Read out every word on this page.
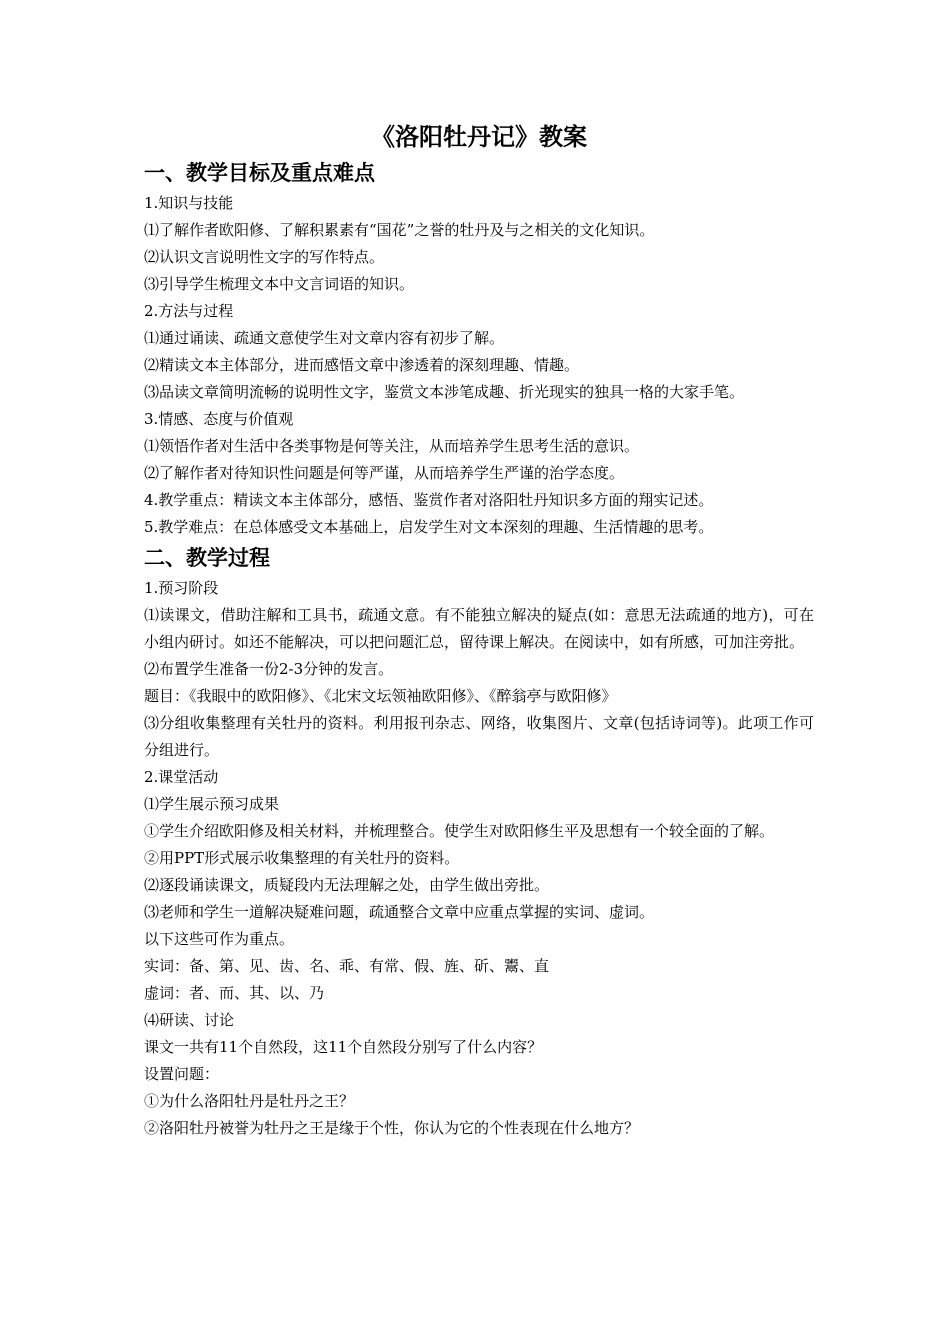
《洛阳牡丹记》教案
一、教学目标及重点难点

1.知识与技能

⑴了解作者欧阳修、了解积累素有“国花”之誉的牡丹及与之相关的文化知识。

⑵认识文言说明性文字的写作特点。

⑶引导学生梳理文本中文言词语的知识。

2.方法与过程

⑴通过诵读、疏通文意使学生对文章内容有初步了解。

⑵精读文本主体部分，进而感悟文章中渗透着的深刻理趣、情趣。

⑶品读文章简明流畅的说明性文字，鉴赏文本涉笔成趣、折光现实的独具一格的大家手笔。

3.情感、态度与价值观

⑴领悟作者对生活中各类事物是何等关注，从而培养学生思考生活的意识。

⑵了解作者对待知识性问题是何等严谨，从而培养学生严谨的治学态度。

4.教学重点：精读文本主体部分，感悟、鉴赏作者对洛阳牡丹知识多方面的翔实记述。

5.教学难点：在总体感受文本基础上，启发学生对文本深刻的理趣、生活情趣的思考。

二、教学过程

1.预习阶段

⑴读课文，借助注解和工具书，疏通文意。有不能独立解决的疑点(如：意思无法疏通的地方)，可在小组内研讨。如还不能解决，可以把问题汇总，留待课上解决。在阅读中，如有所感，可加注旁批。

⑵布置学生准备一份2-3分钟的发言。

题目：《我眼中的欧阳修》、《北宋文坛领袖欧阳修》、《醉翁亭与欧阳修》

⑶分组收集整理有关牡丹的资料。利用报刊杂志、网络，收集图片、文章(包括诗词等)。此项工作可分组进行。

2.课堂活动

⑴学生展示预习成果

①学生介绍欧阳修及相关材料，并梳理整合。使学生对欧阳修生平及思想有一个较全面的了解。

②用PPT形式展示收集整理的有关牡丹的资料。

⑵逐段诵读课文，质疑段内无法理解之处，由学生做出旁批。

⑶老师和学生一道解决疑难问题，疏通整合文章中应重点掌握的实词、虚词。

以下这些可作为重点。

实词：备、第、见、齿、名、乖、有常、假、旌、斫、鬻、直

虚词：者、而、其、以、乃

⑷研读、讨论

课文一共有11个自然段，这11个自然段分别写了什么内容？

设置问题：

①为什么洛阳牡丹是牡丹之王？

②洛阳牡丹被誉为牡丹之王是缘于个性，你认为它的个性表现在什么地方？
